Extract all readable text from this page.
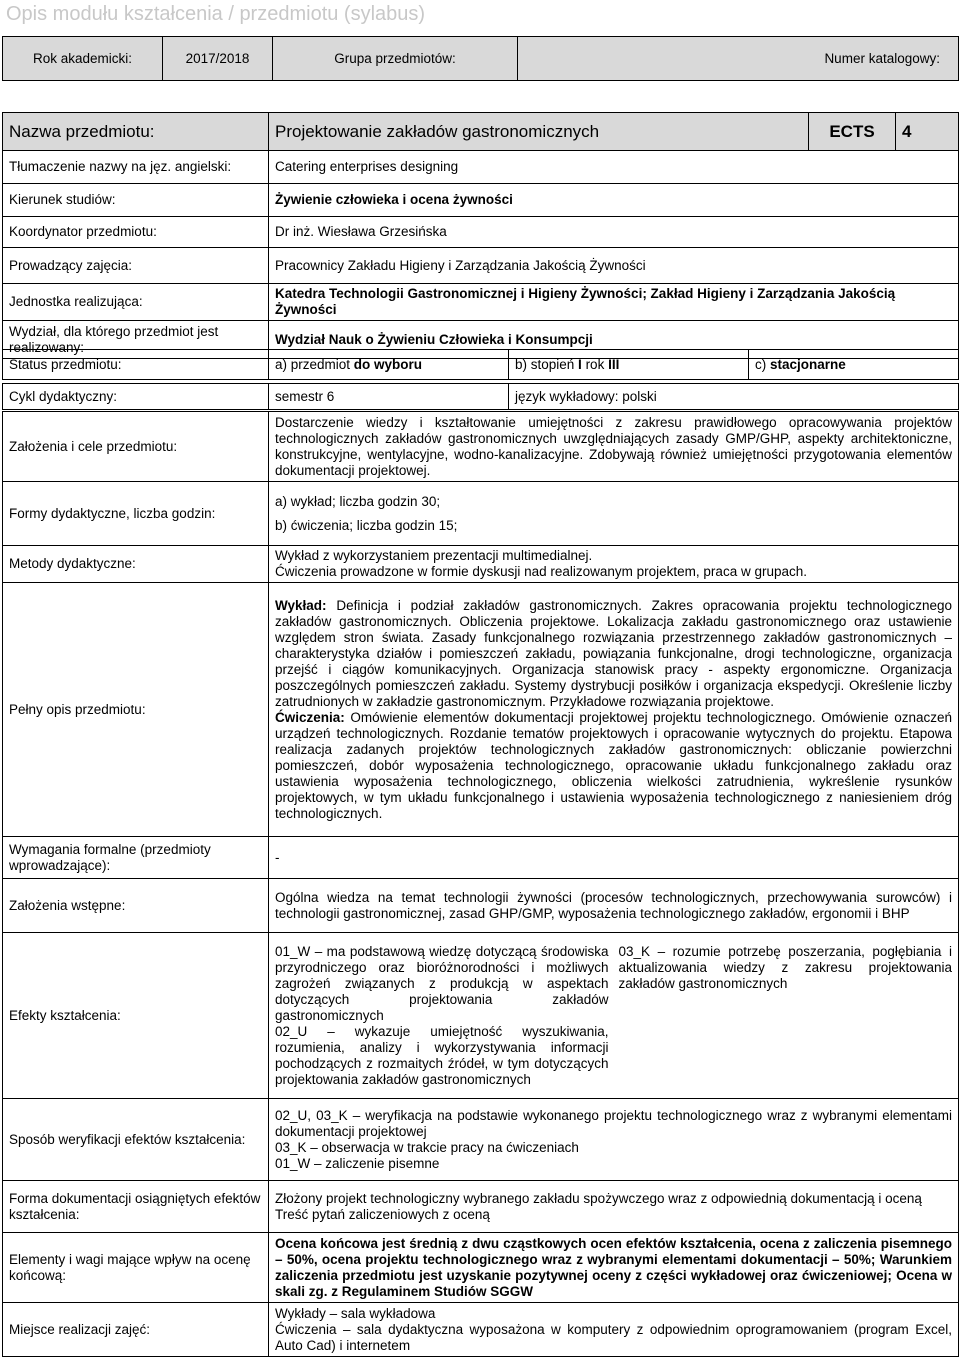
Opis modułu kształcenia / przedmiotu (sylabus)
Rok akademicki:	2017/2018	Grupa przedmiotów:	Numer katalogowy:
Nazwa przedmiotu:	Projektowanie zakładów gastronomicznych	ECTS	4
Tłumaczenie nazwy na jęz. angielski:	Catering enterprises designing		
Kierunek studiów:	Żywienie człowieka i ocena żywności		
Koordynator przedmiotu:	Dr inż. Wiesława Grzesińska		
Prowadzący zajęcia:	Pracownicy Zakładu Higieny i Zarządzania Jakością Żywności		
Jednostka realizująca:	Katedra Technologii Gastronomicznej i Higieny Żywności; Zakład Higieny i Zarządzania Jakością Żywności		
Wydział, dla którego przedmiot jest realizowany:	Wydział Nauk o Żywieniu Człowieka i Konsumpcji		
Status przedmiotu:	a) przedmiot do wyboru	b) stopień I rok III	c) stacjonarne
Cykl dydaktyczny:	semestr 6	język wykładowy: polski
Założenia i cele przedmiotu:	Dostarczenie wiedzy i kształtowanie umiejętności z zakresu prawidłowego opracowywania projektów technologicznych zakładów gastronomicznych uwzględniających zasady GMP/GHP, aspekty architektoniczne, konstrukcyjne, wentylacyjne, wodno-kanalizacyjne. Zdobywają również umiejętności przygotowania elementów dokumentacji projektowej.
Formy dydaktyczne, liczba godzin:	a) wykład; liczba godzin 30;
b) ćwiczenia; liczba godzin 15;

Metody dydaktyczne:	Wykład z wykorzystaniem prezentacji multimedialnej.
Ćwiczenia prowadzone w formie dyskusji nad realizowanym projektem, praca w grupach.

Pełny opis przedmiotu:	Wykład: Definicja i podział zakładów gastronomicznych. Zakres opracowania projektu technologicznego zakładów gastronomicznych. Obliczenia projektowe. Lokalizacja zakładu gastronomicznego oraz ustawienie względem stron świata. Zasady funkcjonalnego rozwiązania przestrzennego zakładów gastronomicznych – charakterystyka działów i pomieszczeń zakładu, powiązania funkcjonalne, drogi technologiczne, organizacja przejść i ciągów komunikacyjnych. Organizacja stanowisk pracy - aspekty ergonomiczne. Organizacja poszczególnych pomieszczeń zakładu. Systemy dystrybucji posiłków i organizacja ekspedycji. Określenie liczby zatrudnionych w zakładzie gastronomicznym. Przykładowe rozwiązania projektowe.
Ćwiczenia: Omówienie elementów dokumentacji projektowej projektu technologicznego. Omówienie oznaczeń urządzeń technologicznych. Rozdanie tematów projektowych i opracowanie wytycznych do projektu. Etapowa realizacja zadanych projektów technologicznych zakładów gastronomicznych: obliczanie powierzchni pomieszczeń, dobór wyposażenia technologicznego, opracowanie układu funkcjonalnego zakładu oraz ustawienia wyposażenia technologicznego, obliczenia wielkości zatrudnienia, wykreślenie rysunków projektowych, w tym układu funkcjonalnego i ustawienia wyposażenia technologicznego z naniesieniem dróg technologicznych.

Wymagania formalne (przedmioty wprowadzające):	-
Założenia wstępne:	Ogólna wiedza na temat technologii żywności (procesów technologicznych, przechowywania surowców) i technologii gastronomicznej, zasad GHP/GMP, wyposażenia technologicznego zakładów, ergonomii i BHP
Efekty kształcenia:	01_W – ma podstawową wiedzę dotyczącą środowiska przyrodniczego oraz bioróżnorodności i możliwych zagrożeń związanych z produkcją w aspektach dotyczących projektowania zakładów gastronomicznych
02_U – wykazuje umiejętność wyszukiwania, rozumienia, analizy i wykorzystywania informacji pochodzących z rozmaitych źródeł, w tym dotyczących projektowania zakładów gastronomicznych
03_K – rozumie potrzebę poszerzania, pogłębiania i aktualizowania wiedzy z zakresu projektowania zakładów gastronomicznych

Sposób weryfikacji efektów kształcenia:	02_U, 03_K – weryfikacja na podstawie wykonanego projektu technologicznego wraz z wybranymi elementami dokumentacji projektowej
03_K – obserwacja w trakcie pracy na ćwiczeniach
01_W – zaliczenie pisemne

Forma dokumentacji osiągniętych efektów kształcenia:	Złożony projekt technologiczny wybranego zakładu spożywczego wraz z odpowiednią dokumentacją i oceną
Treść pytań zaliczeniowych z oceną

Elementy i wagi mające wpływ na ocenę końcową:	Ocena końcowa jest średnią z dwu cząstkowych ocen efektów kształcenia, ocena z zaliczenia pisemnego – 50%, ocena projektu technologicznego wraz z wybranymi elementami dokumentacji – 50%; Warunkiem zaliczenia przedmiotu jest uzyskanie pozytywnej oceny z części wykładowej oraz ćwiczeniowej; Ocena w skali zg. z Regulaminem Studiów SGGW
Miejsce realizacji zajęć:	Wykłady – sala wykładowa
Ćwiczenia – sala dydaktyczna wyposażona w komputery z odpowiednim oprogramowaniem (program Excel, Auto Cad) i internetem
